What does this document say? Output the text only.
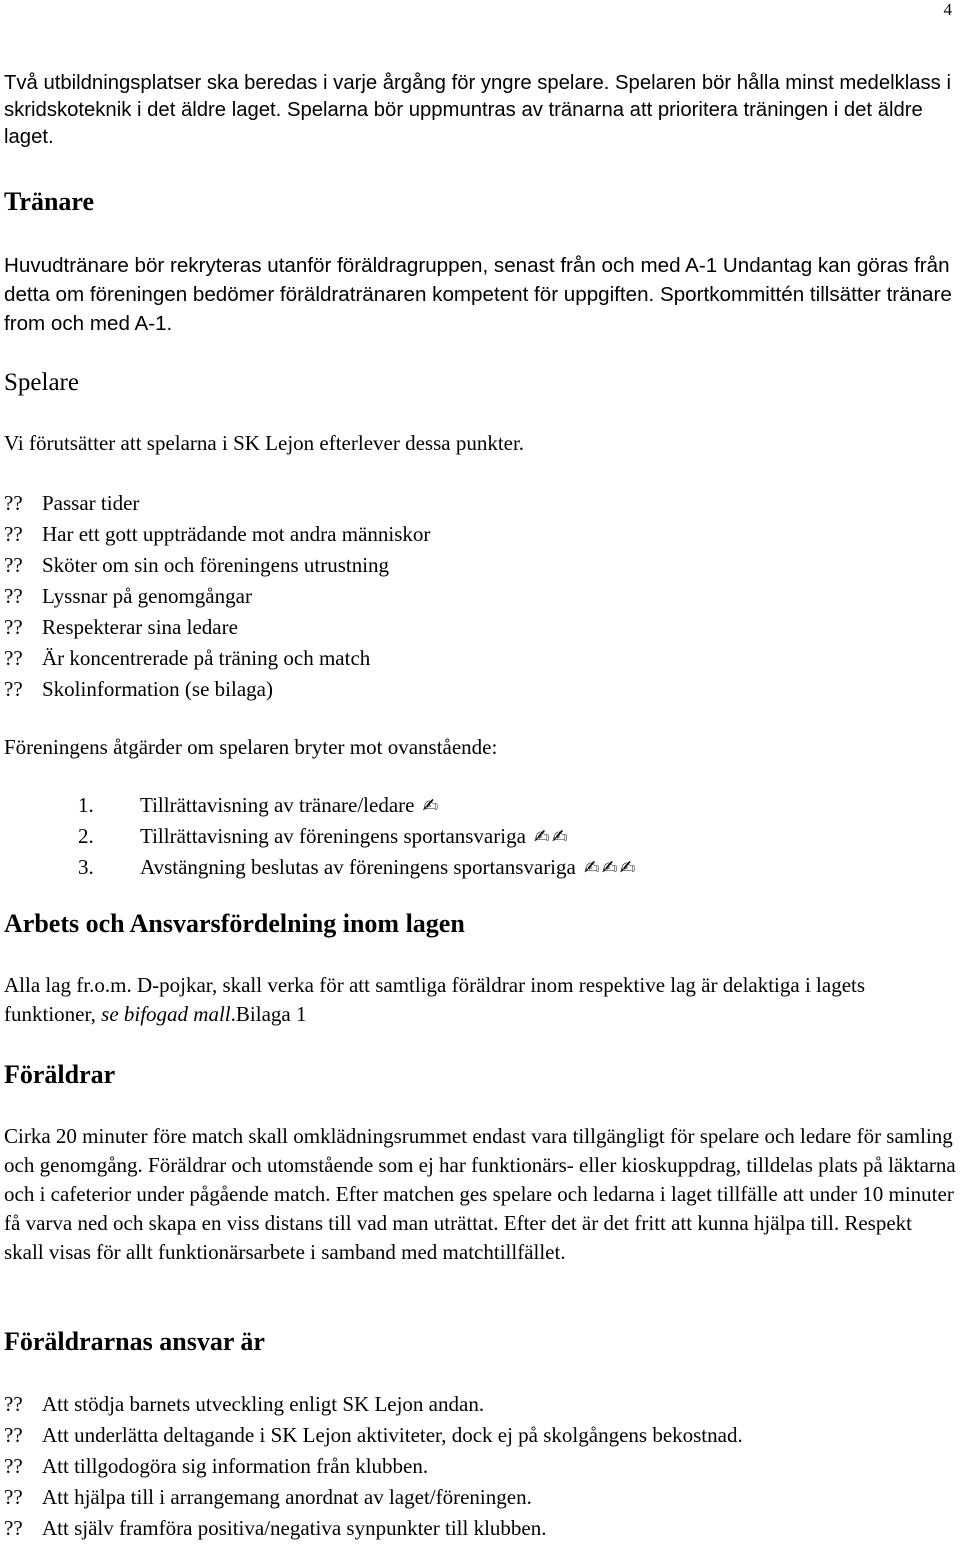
4

Två utbildningsplatser ska beredas i varje årgång för yngre spelare. Spelaren bör hålla minst medelklass i skridskoteknik i det äldre laget. Spelarna bör uppmuntras av tränarna att prioritera träningen i det äldre laget.

Tränare

Huvudtränare bör rekryteras utanför föräldragruppen, senast från och med A-1 Undantag kan göras från detta om föreningen bedömer föräldratränaren kompetent för uppgiften. Sportkommittén tillsätter tränare from och med A-1.

Spelare

Vi förutsätter att spelarna i SK Lejon efterlever dessa punkter.

?? Passar tider
?? Har ett gott uppträdande mot andra människor
?? Sköter om sin och föreningens utrustning
?? Lyssnar på genomgångar
?? Respekterar sina ledare
?? Är koncentrerade på träning och match
?? Skolinformation (se bilaga)

Föreningens åtgärder om spelaren bryter mot ovanstående:

1. Tillrättavisning av tränare/ledare ✍
2. Tillrättavisning av föreningens sportansvariga ✍✍
3. Avstängning beslutas av föreningens sportansvariga ✍✍✍
Arbets och Ansvarsfördelning inom lagen

Alla lag fr.o.m. D-pojkar, skall verka för att samtliga föräldrar inom respektive lag är delaktiga i lagets funktioner, se bifogad mall.Bilaga 1

Föräldrar

Cirka 20 minuter före match skall omklädningsrummet endast vara tillgängligt för spelare och ledare för samling och genomgång. Föräldrar och utomstående som ej har funktionärs- eller kioskuppdrag, tilldelas plats på läktarna och i cafeterior under pågående match. Efter matchen ges spelare och ledarna i laget tillfälle att under 10 minuter få varva ned och skapa en viss distans till vad man uträttat. Efter det är det fritt att kunna hjälpa till. Respekt skall visas för allt funktionärsarbete i samband med matchtillfället.

Föräldrarnas ansvar är
?? Att stödja barnets utveckling enligt SK Lejon andan.
?? Att underlätta deltagande i SK Lejon aktiviteter, dock ej på skolgångens bekostnad.
?? Att tillgodogöra sig information från klubben.
?? Att hjälpa till i arrangemang anordnat av laget/föreningen.
?? Att själv framföra positiva/negativa synpunkter till klubben.
